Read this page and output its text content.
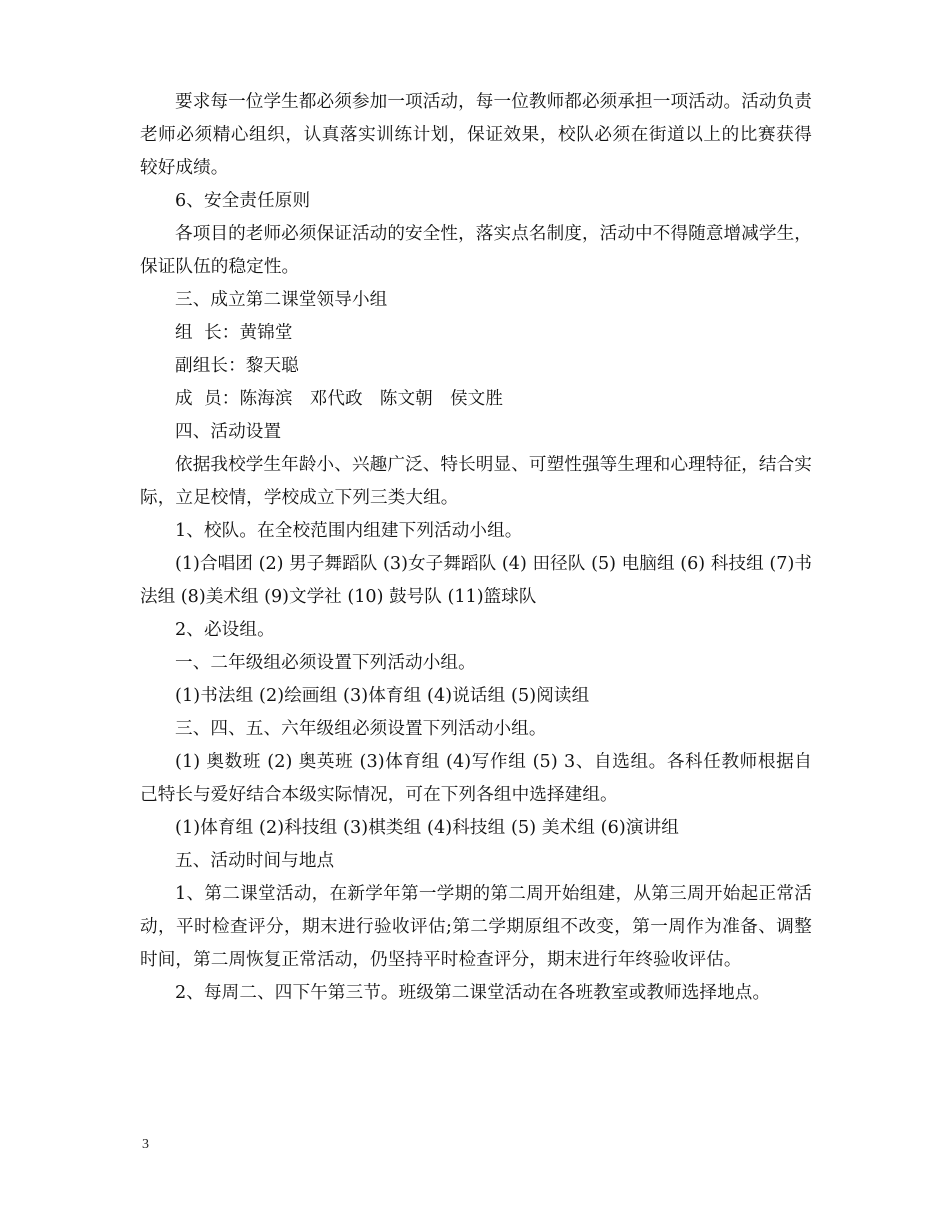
要求每一位学生都必须参加一项活动，每一位教师都必须承担一项活动。活动负责老师必须精心组织，认真落实训练计划，保证效果，校队必须在街道以上的比赛获得较好成绩。

6、安全责任原则

各项目的老师必须保证活动的安全性，落实点名制度，活动中不得随意增减学生，保证队伍的稳定性。

三、成立第二课堂领导小组

组  长：黄锦堂

副组长：黎天聪

成  员：陈海滨   邓代政   陈文朝   侯文胜

四、活动设置

依据我校学生年龄小、兴趣广泛、特长明显、可塑性强等生理和心理特征，结合实际，立足校情，学校成立下列三类大组。

1、校队。在全校范围内组建下列活动小组。

(1)合唱团 (2) 男子舞蹈队 (3)女子舞蹈队 (4) 田径队 (5) 电脑组 (6) 科技组 (7)书法组 (8)美术组 (9)文学社 (10) 鼓号队 (11)篮球队

2、必设组。

一、二年级组必须设置下列活动小组。

(1)书法组 (2)绘画组 (3)体育组 (4)说话组 (5)阅读组

三、四、五、六年级组必须设置下列活动小组。

(1) 奥数班 (2) 奥英班 (3)体育组 (4)写作组 (5) 3、自选组。各科任教师根据自己特长与爱好结合本级实际情况，可在下列各组中选择建组。

(1)体育组 (2)科技组 (3)棋类组 (4)科技组 (5) 美术组 (6)演讲组

五、活动时间与地点

1、第二课堂活动，在新学年第一学期的第二周开始组建，从第三周开始起正常活动，平时检查评分，期末进行验收评估;第二学期原组不改变，第一周作为准备、调整时间，第二周恢复正常活动，仍坚持平时检查评分，期末进行年终验收评估。

2、每周二、四下午第三节。班级第二课堂活动在各班教室或教师选择地点。

3
